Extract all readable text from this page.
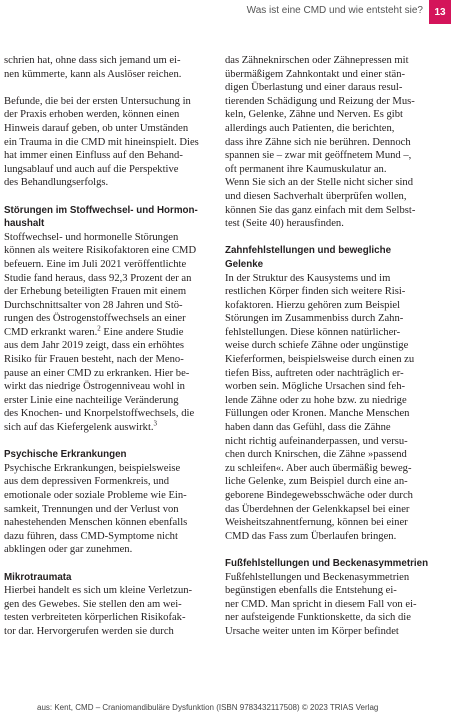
Was ist eine CMD und wie entsteht sie?	13

schrien hat, ohne dass sich jemand um ei-

nen kümmerte, kann als Auslöser reichen.

Befunde, die bei der ersten Untersuchung in

der Praxis erhoben werden, können einen

Hinweis darauf geben, ob unter Umständen

ein Trauma in die CMD mit hineinspielt. Dies

hat immer einen Einfluss auf den Behand-

lungsablauf und auch auf die Perspektive

des Behandlungserfolgs.

Störungen im Stoffwechsel- und Hormon-

haushalt

Stoffwechsel- und hormonelle Störungen

können als weitere Risikofaktoren eine CMD

befeuern. Eine im Juli 2021 veröffentlichte

Studie fand heraus, dass 92,3 Prozent der an

der Erhebung beteiligten Frauen mit einem

Durchschnittsalter von 28 Jahren und Stö-

rungen des Östrogenstoffwechsels an einer

CMD erkrankt waren.$^2$ Eine andere Studie

aus dem Jahr 2019 zeigt, dass ein erhöhtes

Risiko für Frauen besteht, nach der Meno-

pause an einer CMD zu erkranken. Hier be-

wirkt das niedrige Östrogenniveau wohl in

erster Linie eine nachteilige Veränderung

des Knochen- und Knorpelstoffwechsels, die

sich auf das Kiefergelenk auswirkt.$^3$

Psychische Erkrankungen

Psychische Erkrankungen, beispielsweise

aus dem depressiven Formenkreis, und

emotionale oder soziale Probleme wie Ein-

samkeit, Trennungen und der Verlust von

nahestehenden Menschen können ebenfalls

dazu führen, dass CMD-Symptome nicht

abklingen oder gar zunehmen.

Mikrotraumata

Hierbei handelt es sich um kleine Verletzun-

gen des Gewebes. Sie stellen den am wei-

testen verbreiteten körperlichen Risikofak-

tor dar. Hervorgerufen werden sie durch

das Zähneknirschen oder Zähnepressen mit

übermäßigem Zahnkontakt und einer stän-

digen Überlastung und einer daraus resul-

tierenden Schädigung und Reizung der Mus-

keln, Gelenke, Zähne und Nerven. Es gibt

allerdings auch Patienten, die berichten,

dass ihre Zähne sich nie berühren. Dennoch

spannen sie – zwar mit geöffnetem Mund –,

oft permanent ihre Kaumuskulatur an.

Wenn Sie sich an der Stelle nicht sicher sind

und diesen Sachverhalt überprüfen wollen,

können Sie das ganz einfach mit dem Selbst-

test (Seite 40) herausfinden.

Zahnfehlstellungen und bewegliche

Gelenke

In der Struktur des Kausystems und im

restlichen Körper finden sich weitere Risi-

kofaktoren. Hierzu gehören zum Beispiel

Störungen im Zusammenbiss durch Zahn-

fehlstellungen. Diese können natürlicher-

weise durch schiefe Zähne oder ungünstige

Kieferformen, beispielsweise durch einen zu

tiefen Biss, auftreten oder nachträglich er-

worben sein. Mögliche Ursachen sind feh-

lende Zähne oder zu hohe bzw. zu niedrige

Füllungen oder Kronen. Manche Menschen

haben dann das Gefühl, dass die Zähne

nicht richtig aufeinanderpassen, und versu-

chen durch Knirschen, die Zähne »passend

zu schleifen«. Aber auch übermäßig beweg-

liche Gelenke, zum Beispiel durch eine an-

geborene Bindegewebsschwäche oder durch

das Überdehnen der Gelenkkapsel bei einer

Weisheitszahnentfernung, können bei einer

CMD das Fass zum Überlaufen bringen.

Fußfehlstellungen und Beckenasymmetrien

Fußfehlstellungen und Beckenasymmetrien

begünstigen ebenfalls die Entstehung ei-

ner CMD. Man spricht in diesem Fall von ei-

ner aufsteigende Funktionskette, da sich die

Ursache weiter unten im Körper befindet

aus: Kent, CMD – Craniomandibuläre Dysfunktion (ISBN 9783432117508) © 2023 TRIAS Verlag
